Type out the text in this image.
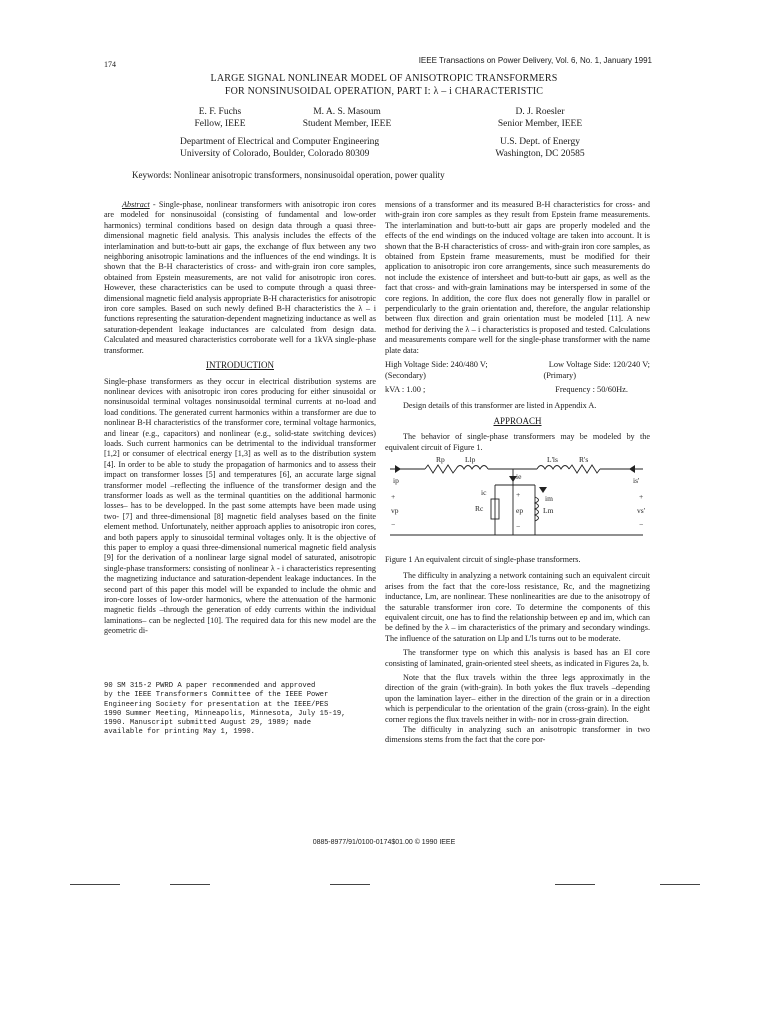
174	IEEE Transactions on Power Delivery, Vol. 6, No. 1, January 1991
LARGE SIGNAL NONLINEAR MODEL OF ANISOTROPIC TRANSFORMERS
FOR NONSINUSOIDAL OPERATION, PART I: λ – i CHARACTERISTIC
E. F. Fuchs
Fellow, IEEE
M. A. S. Masoum
Student Member, IEEE
D. J. Roesler
Senior Member, IEEE
Department of Electrical and Computer Engineering
University of Colorado, Boulder, Colorado 80309
U.S. Dept. of Energy
Washington, DC 20585
Keywords: Nonlinear anisotropic transformers, nonsinusoidal operation, power quality

Abstract - Single-phase, nonlinear transformers with anisotropic iron cores are modeled for nonsinusoidal (consisting of fundamental and low-order harmonics) terminal conditions based on design data through a quasi three-dimensional magnetic field analysis. This analysis includes the effects of the interlamination and butt-to-butt air gaps, the exchange of flux between any two neighboring anisotropic laminations and the influences of the end windings. It is shown that the B-H characteristics of cross- and with-grain iron core samples, obtained from Epstein measurements, are not valid for anisotropic iron cores. However, these characteristics can be used to compute through a quasi three-dimensional magnetic field analysis appropriate B-H characteristics for anisotropic iron core samples. Based on such newly defined B-H characteristics the λ – i functions representing the saturation-dependent magnetizing inductance as well as saturation-dependent leakage inductances are calculated from design data. Calculated and measured characteristics corroborate well for a 1kVA single-phase transformer.

INTRODUCTION

Single-phase transformers as they occur in electrical distribution systems are nonlinear devices with anisotropic iron cores producing for either sinusoidal or nonsinusoidal terminal voltages nonsinusoidal terminal currents at no-load and load conditions. The generated current harmonics within a transformer are due to nonlinear B-H characteristics of the transformer core, terminal voltage harmonics, and linear (e.g., capacitors) and nonlinear (e.g., solid-state switching devices) loads. Such current harmonics can be detrimental to the individual transformer [1,2] or consumer of electrical energy [1,3] as well as to the distribution system [4]. In order to be able to study the propagation of harmonics and to assess their impact on transformer losses [5] and temperatures [6], an accurate large signal transformer model –reflecting the influence of the transformer design and the transformer loads as well as the terminal quantities on the additional harmonic losses– has to be developped. In the past some attempts have been made using two- [7] and three-dimensional [8] magnetic field analyses based on the finite element method. Unfortunately, neither approach applies to anisotropic iron cores, and both papers apply to sinusoidal terminal voltages only. It is the objective of this paper to employ a quasi three-dimensional numerical magnetic field analysis [9] for the derivation of a nonlinear large signal model of saturated, anisotropic single-phase transformers: consisting of nonlinear λ - i characteristics representing the magnetizing inductance and saturation-dependent leakage inductances. In the second part of this paper this model will be expanded to include the ohmic and iron-core losses of low-order harmonics, where the attenuation of the harmonic magnetic fields –through the generation of eddy currents within the individual laminations– can be neglected [10]. The required data for this new model are the geometric di-

90 SM 315-2 PWRD A paper recommended and approved
by the IEEE Transformers Committee of the IEEE Power
Engineering Society for presentation at the IEEE/PES
1990 Summer Meeting, Minneapolis, Minnesota, July 15-19,
1990. Manuscript submitted August 29, 1989; made
available for printing May 1, 1990.

mensions of a transformer and its measured B-H characteristics for cross- and with-grain iron core samples as they result from Epstein frame measurements. The interlamination and butt-to-butt air gaps are properly modeled and the effects of the end windings on the induced voltage are taken into account. It is shown that the B-H characteristics of cross- and with-grain iron core samples, as obtained from Epstein frame measurements, must be modified for their application to anisotropic iron core arrangements, since such measurements do not include the existence of intersheet and butt-to-butt air gaps, as well as the fact that cross- and with-grain laminations may be interspersed in some of the core regions. In addition, the core flux does not generally flow in parallel or perpendicularly to the grain orientation and, therefore, the angular relationship between flux direction and grain orientation must be modeled [11]. A new method for deriving the λ – i characteristics is proposed and tested. Calculations and measurements compare well for the single-phase transformer with the name plate data:

High Voltage Side: 240/480 V;	Low Voltage Side: 120/240 V;
(Secondary)	(Primary)
kVA : 1.00 ;	Frequency : 50/60Hz.

Design details of this transformer are listed in Appendix A.

APPROACH

The behavior of single-phase transformers may be modeled by the equivalent circuit of Figure 1.

Rp	Llp	L'ls	R's
ip	ie	is'
ic
im
+	+	+
vp	Rc	ep	Lm	vs'
−	−	−
Figure 1 An equivalent circuit of single-phase transformers.

The difficulty in analyzing a network containing such an equivalent circuit arises from the fact that the core-loss resistance, Rc, and the magnetizing inductance, Lm, are nonlinear. These nonlinearities are due to the anisotropy of the saturable transformer iron core. To determine the components of this equivalent circuit, one has to find the relationship between ep and im, which can be defined by the λ – im characteristics of the primary and secondary windings. The influence of the saturation on Llp and L'ls turns out to be moderate.

The transformer type on which this analysis is based has an EI core consisting of laminated, grain-oriented steel sheets, as indicated in Figures 2a, b.

Note that the flux travels within the three legs approximatly in the direction of the grain (with-grain). In both yokes the flux travels –depending upon the lamination layer– either in the direction of the grain or in a direction which is perpendicular to the orientation of the grain (cross-grain). In the eight corner regions the flux travels neither in with- nor in cross-grain direction.

The difficulty in analyzing such an anisotropic transformer in two dimensions stems from the fact that the core por-

0885-8977/91/0100-0174$01.00 © 1990 IEEE
